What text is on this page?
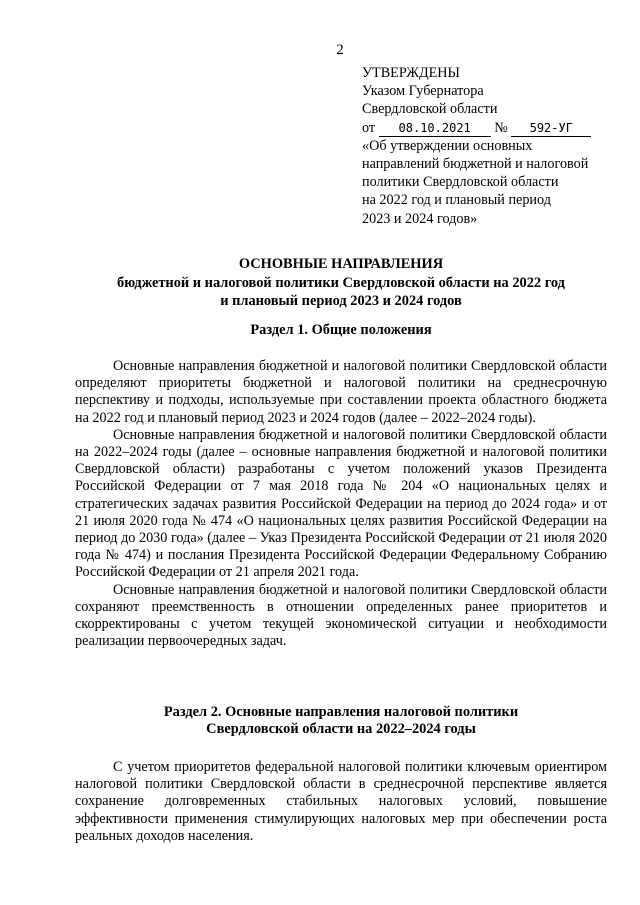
2
УТВЕРЖДЕНЫ
Указом Губернатора
Свердловской области
от 08.10.2021 № 592-УГ
«Об утверждении основных
направлений бюджетной и налоговой
политики Свердловской области
на 2022 год и плановый период
2023 и 2024 годов»
ОСНОВНЫЕ НАПРАВЛЕНИЯ
бюджетной и налоговой политики Свердловской области на 2022 год
и плановый период 2023 и 2024 годов
Раздел 1. Общие положения

Основные направления бюджетной и налоговой политики Свердловской области определяют приоритеты бюджетной и налоговой политики на среднесрочную перспективу и подходы, используемые при составлении проекта областного бюджета на 2022 год и плановый период 2023 и 2024 годов (далее – 2022–2024 годы).

Основные направления бюджетной и налоговой политики Свердловской области на 2022–2024 годы (далее – основные направления бюджетной и налоговой политики Свердловской области) разработаны с учетом положений указов Президента Российской Федерации от 7 мая 2018 года № 204 «О национальных целях и стратегических задачах развития Российской Федерации на период до 2024 года» и от 21 июля 2020 года № 474 «О национальных целях развития Российской Федерации на период до 2030 года» (далее – Указ Президента Российской Федерации от 21 июля 2020 года № 474) и послания Президента Российской Федерации Федеральному Собранию Российской Федерации от 21 апреля 2021 года.

Основные направления бюджетной и налоговой политики Свердловской области сохраняют преемственность в отношении определенных ранее приоритетов и скорректированы с учетом текущей экономической ситуации и необходимости реализации первоочередных задач.

Раздел 2. Основные направления налоговой политики
Свердловской области на 2022–2024 годы

С учетом приоритетов федеральной налоговой политики ключевым ориентиром налоговой политики Свердловской области в среднесрочной перспективе является сохранение долговременных стабильных налоговых условий, повышение эффективности применения стимулирующих налоговых мер при обеспечении роста реальных доходов населения.
